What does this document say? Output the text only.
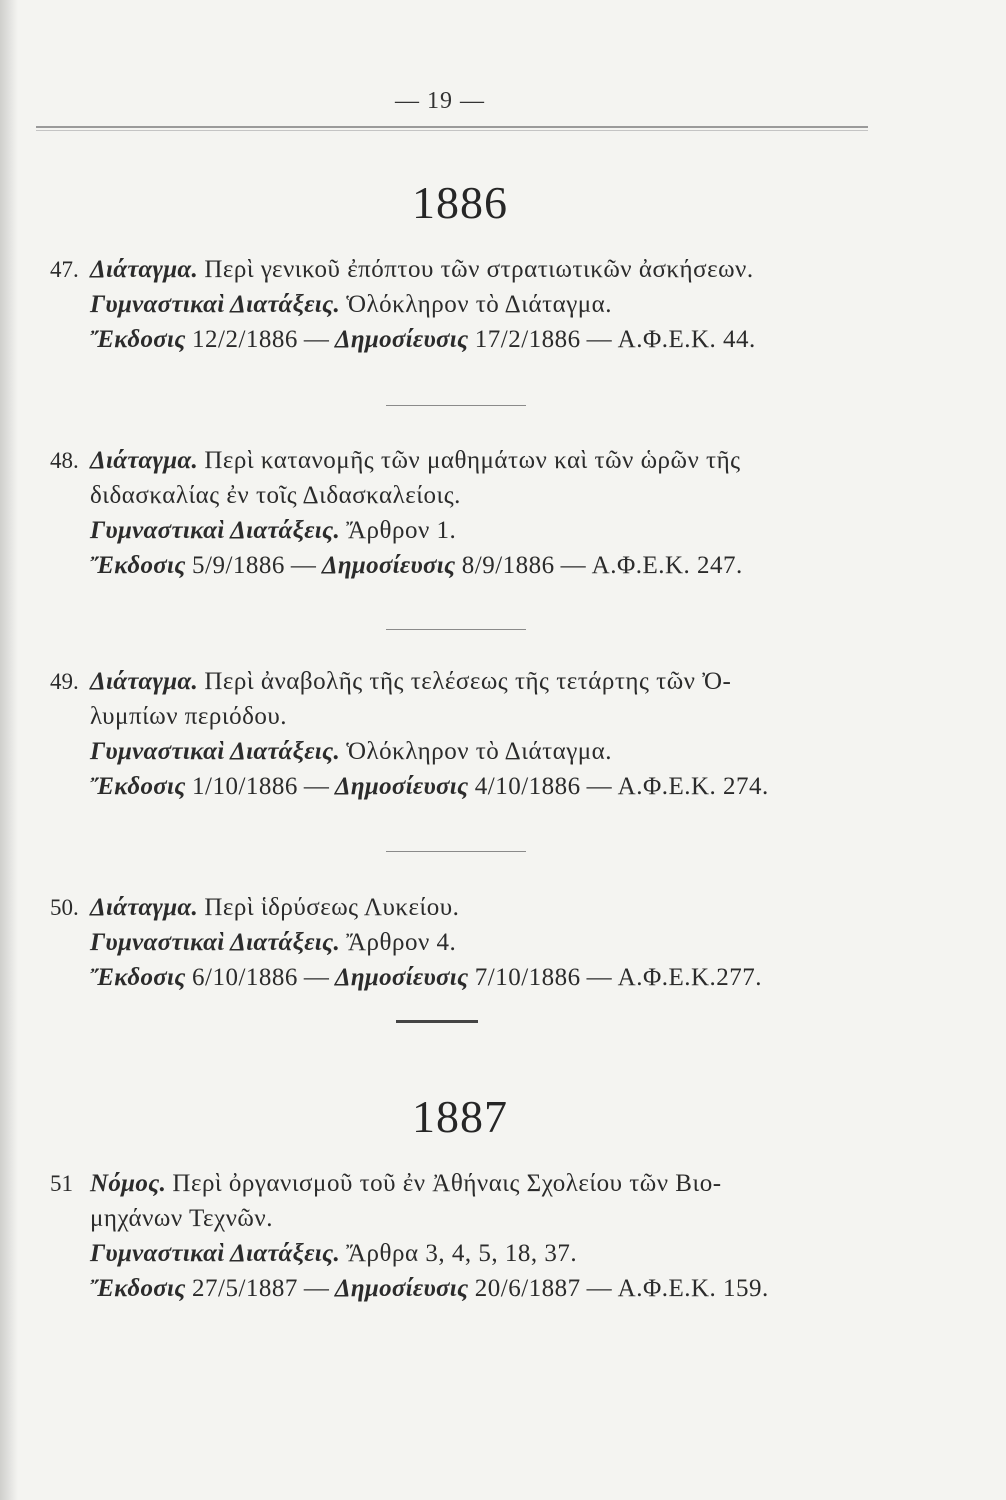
— 19 —
1886
47. Διάταγμα. Περὶ γενικοῦ ἐπόπτου τῶν στρατιωτικῶν ἀσκήσεων.
Γυμναστικαὶ Διατάξεις. Ὁλόκληρον τὸ Διάταγμα.
Ἔκδοσις 12/2/1886 — Δημοσίευσις 17/2/1886 — Α.Φ.Ε.Κ. 44.
48. Διάταγμα. Περὶ κατανομῆς τῶν μαθημάτων καὶ τῶν ὡρῶν τῆς
διδασκαλίας ἐν τοῖς Διδασκαλείοις.
Γυμναστικαὶ Διατάξεις. Ἄρθρον 1.
Ἔκδοσις 5/9/1886 — Δημοσίευσις 8/9/1886 — Α.Φ.Ε.Κ. 247.
49. Διάταγμα. Περὶ ἀναβολῆς τῆς τελέσεως τῆς τετάρτης τῶν Ὀ-
λυμπίων περιόδου.
Γυμναστικαὶ Διατάξεις. Ὁλόκληρον τὸ Διάταγμα.
Ἔκδοσις 1/10/1886 — Δημοσίευσις 4/10/1886 — Α.Φ.Ε.Κ. 274.
50. Διάταγμα. Περὶ ἱδρύσεως Λυκείου.
Γυμναστικαὶ Διατάξεις. Ἄρθρον 4.
Ἔκδοσις 6/10/1886 — Δημοσίευσις 7/10/1886 — Α.Φ.Ε.Κ.277.
1887
51 Νόμος. Περὶ ὀργανισμοῦ τοῦ ἐν Ἀθήναις Σχολείου τῶν Βιο-
μηχάνων Τεχνῶν.
Γυμναστικαὶ Διατάξεις. Ἄρθρα 3, 4, 5, 18, 37.
Ἔκδοσις 27/5/1887 — Δημοσίευσις 20/6/1887 — Α.Φ.Ε.Κ. 159.
